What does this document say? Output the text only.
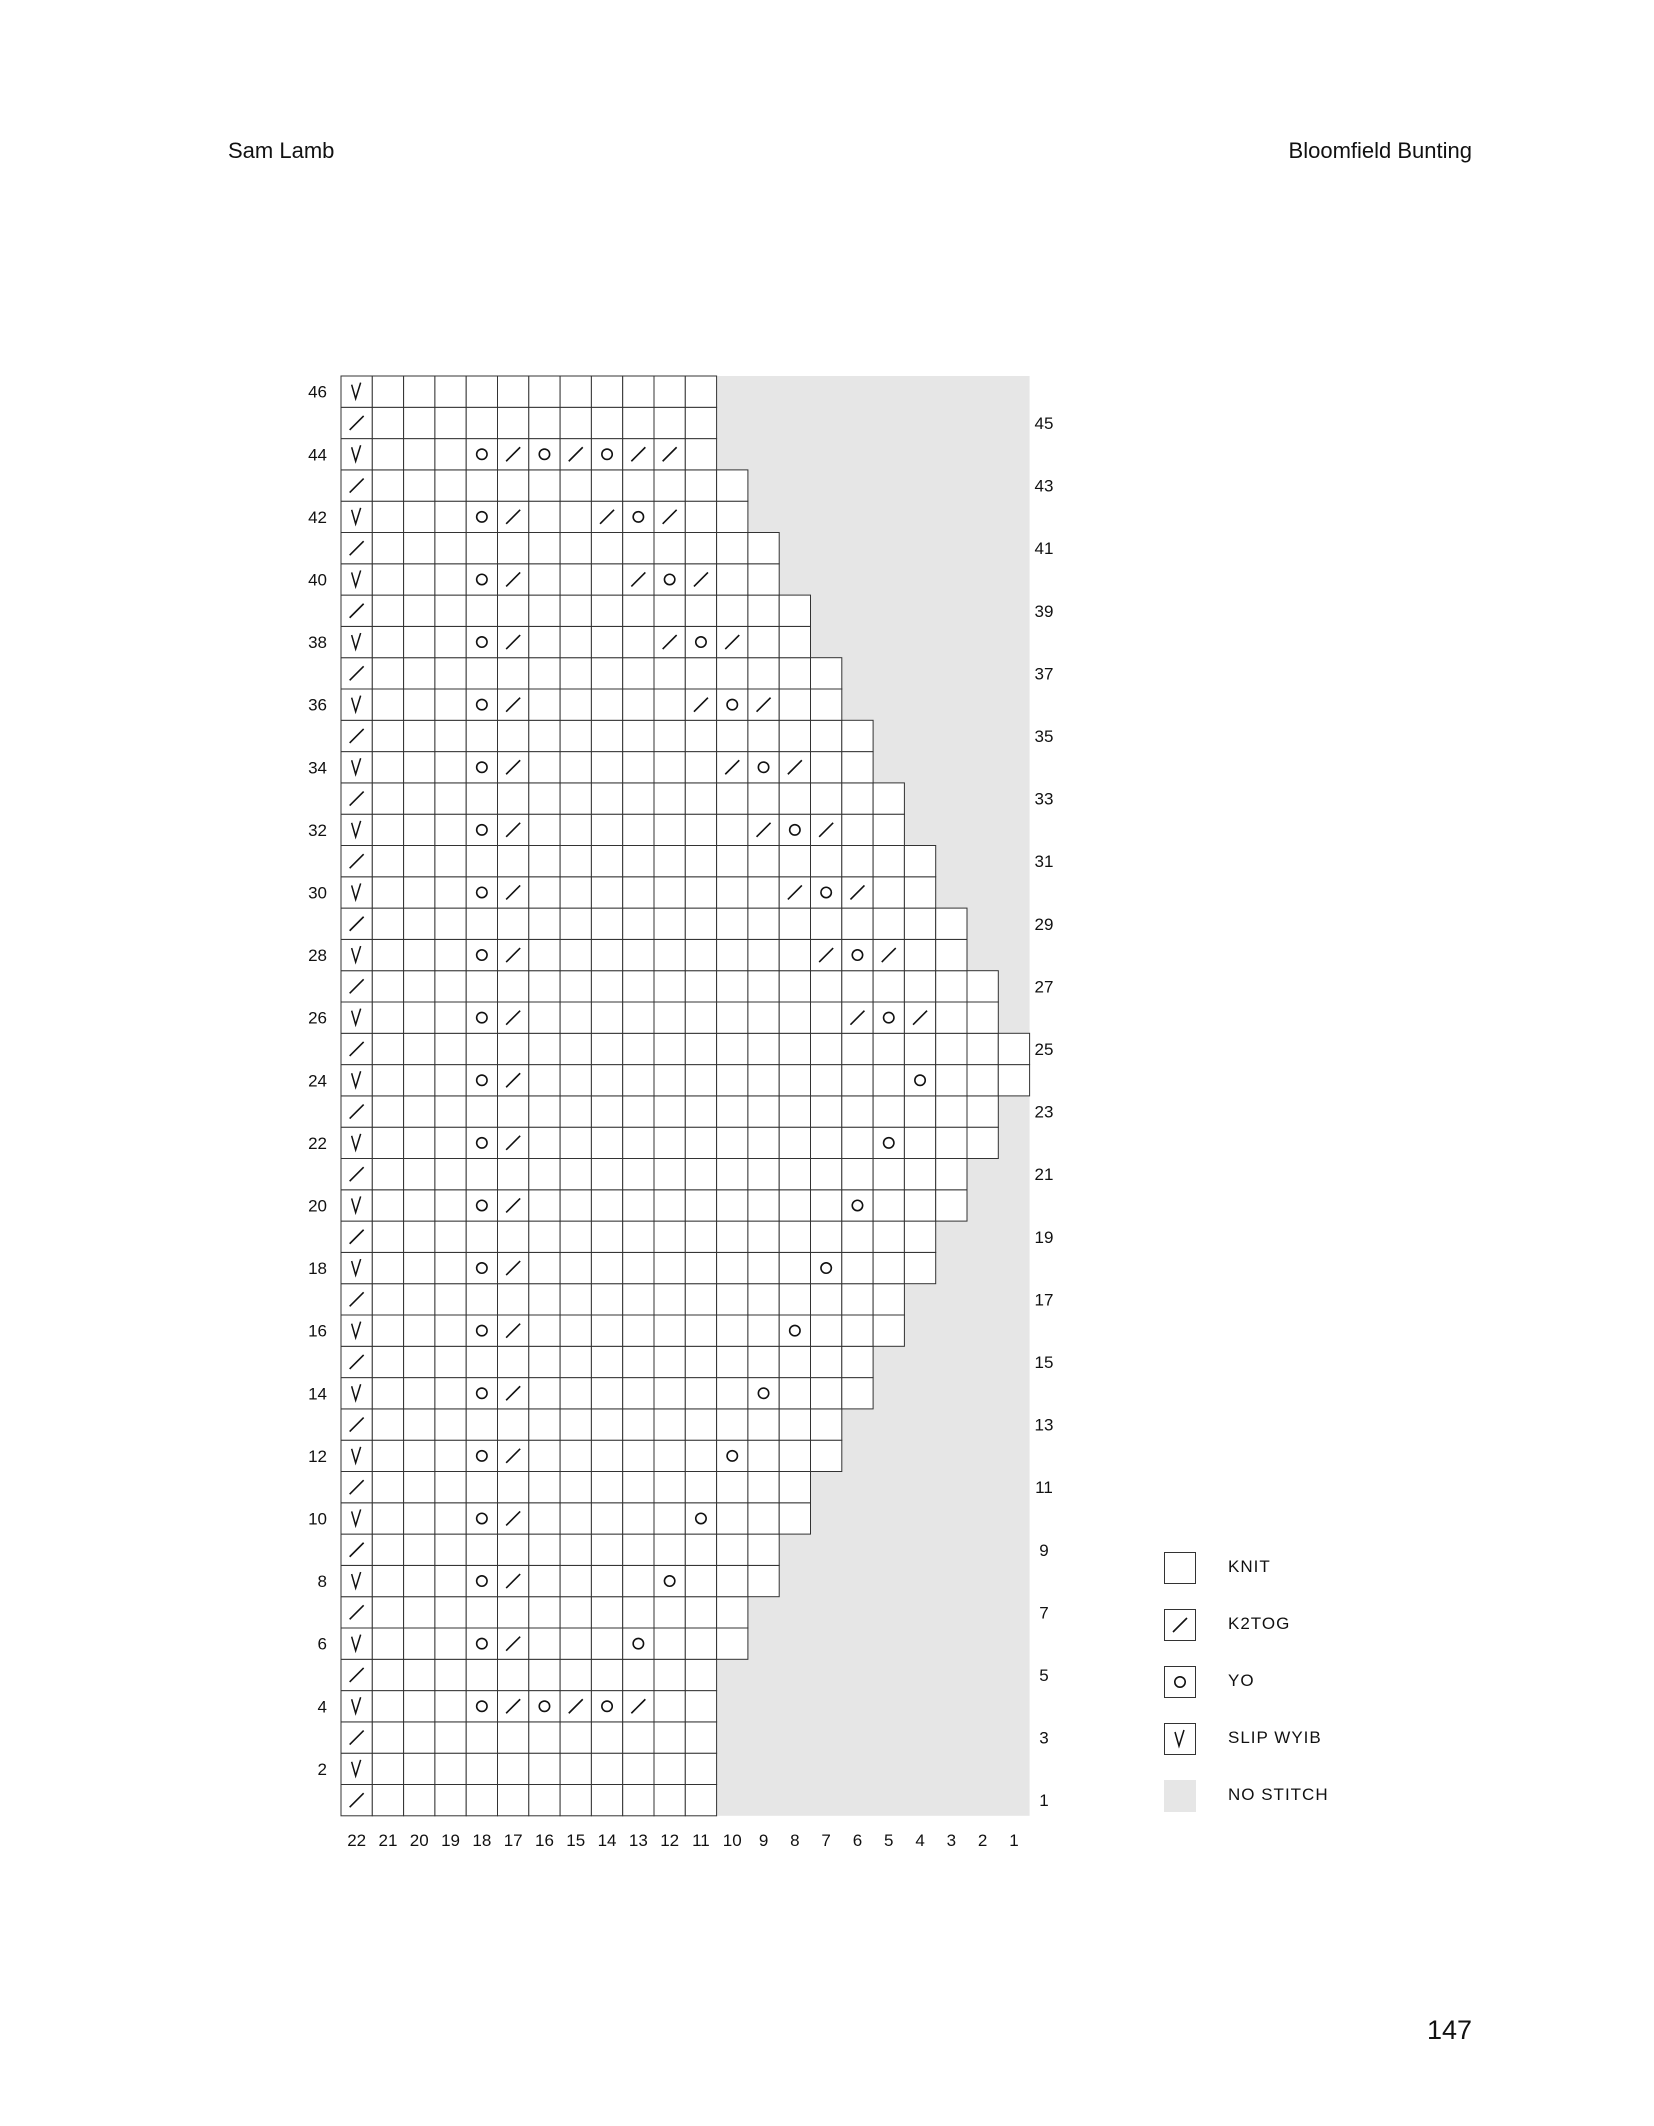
Sam Lamb	Bloomfield Bunting
46
44
42
40
38
36
34
32
30
28
26
24
22
20
18
16
14
12
10
8
6
4
2
45
43
41
39
37
35
33
31
29
27
25
23
21
19
17
15
13
11
9
7
5
3
1
22 21 20 19 18 17 16 15 14 13 12 11 10 9 8 7 6 5 4 3 2 1
KNIT
K2TOG
YO
SLIP WYIB
NO STITCH
147
